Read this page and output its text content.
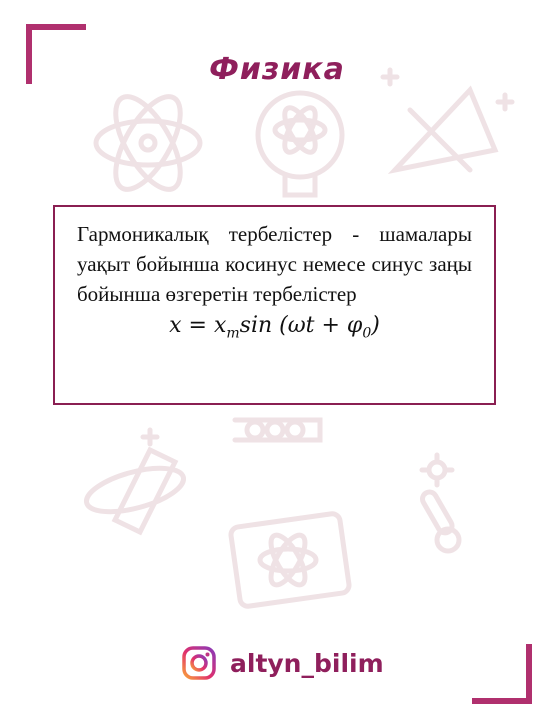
Физика

Гармоникалық тербелістер - шамалары уақыт бойынша косинус немесе синус заңы бойынша өзгеретін тербелістер

$x = x_m\sin$ $(\omega t + \varphi_0)$
altyn_bilim
